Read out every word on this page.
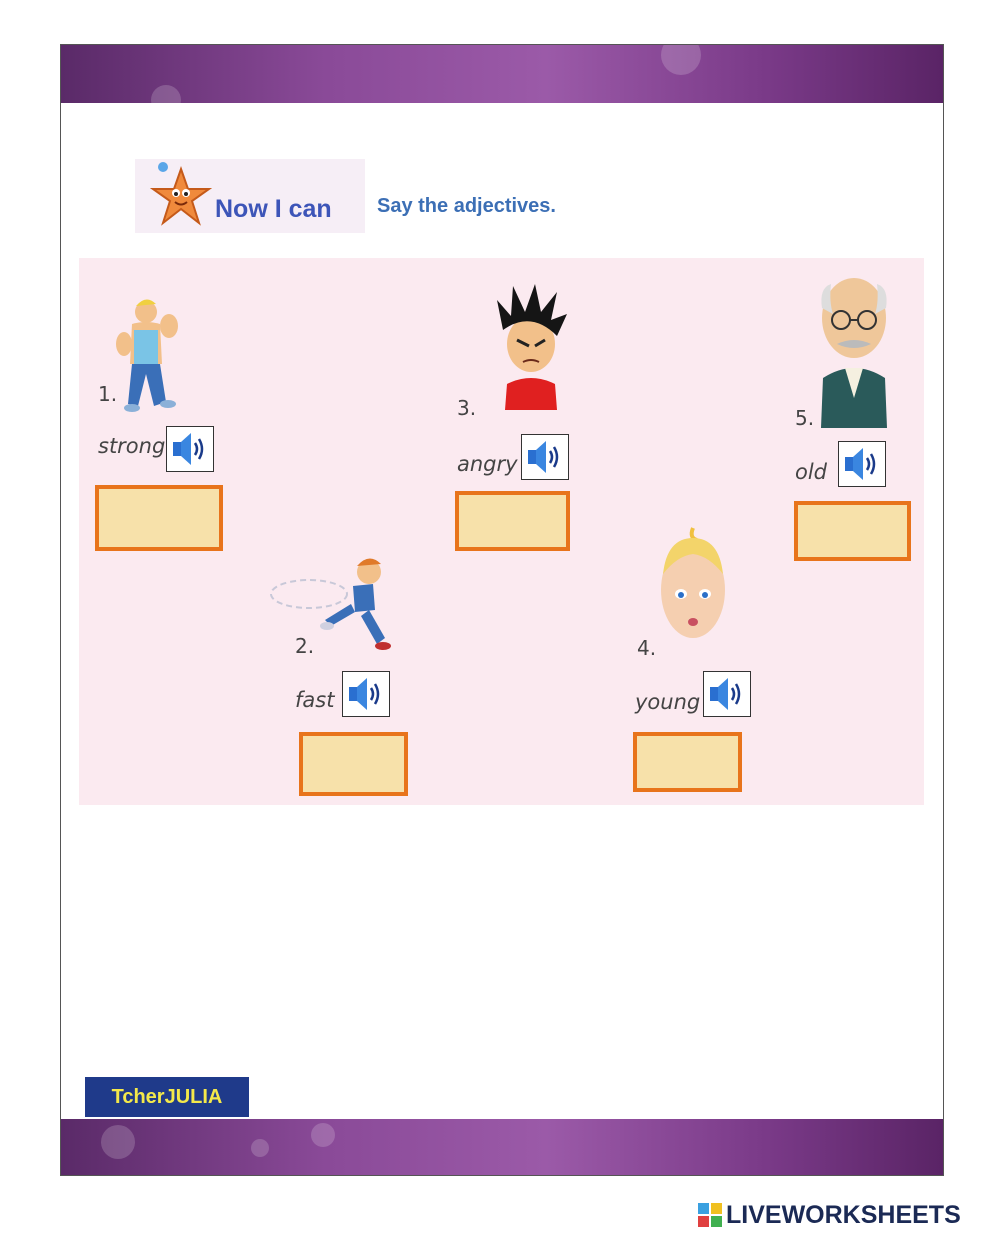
Now I can Say the adjectives.
1.
2.
3.
4.
5.
strong
fast
angry
young
old
TcherJULIA
LIVEWORKSHEETS
